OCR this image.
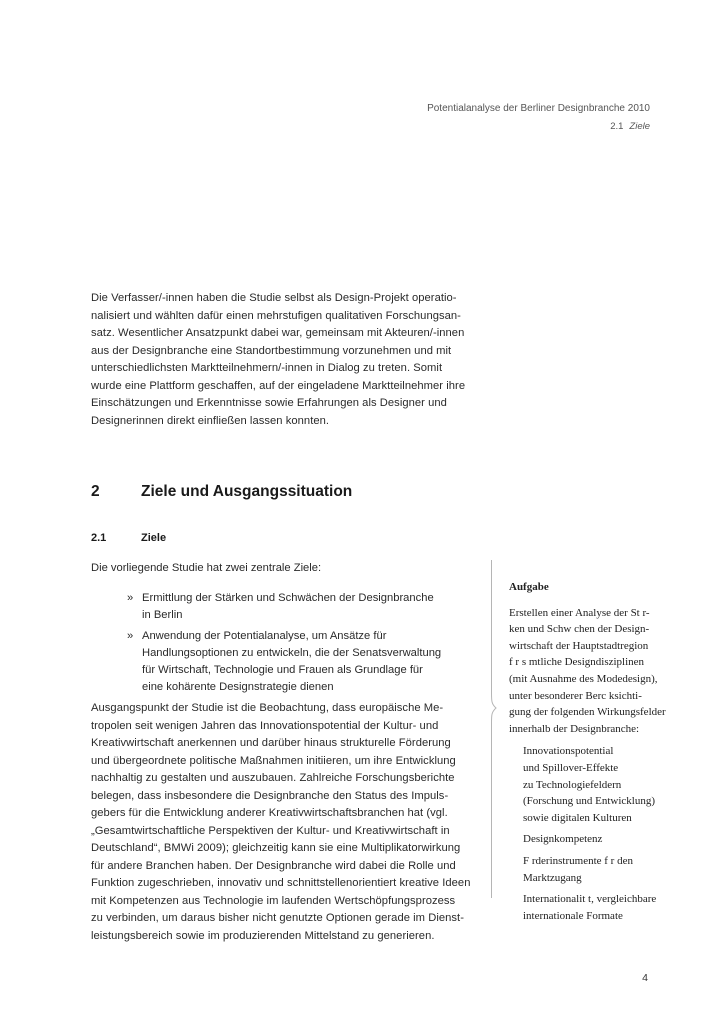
Potentialanalyse der Berliner Designbranche 2010
2.1 Ziele
Die Verfasser/-innen haben die Studie selbst als Design-Projekt operatio-
nalisiert und wählten dafür einen mehrstufigen qualitativen Forschungsan-
satz. Wesentlicher Ansatzpunkt dabei war, gemeinsam mit Akteuren/-innen
aus der Designbranche eine Standortbestimmung vorzunehmen und mit
unterschiedlichsten Marktteilnehmern/-innen in Dialog zu treten. Somit
wurde eine Plattform geschaffen, auf der eingeladene Marktteilnehmer ihre
Einschätzungen und Erkenntnisse sowie Erfahrungen als Designer und
Designerinnen direkt einfließen lassen konnten.
2	Ziele und Ausgangssituation
2.1	Ziele
Die vorliegende Studie hat zwei zentrale Ziele:
» Ermittlung der Stärken und Schwächen der Designbranche
in Berlin
» Anwendung der Potentialanalyse, um Ansätze für
Handlungsoptionen zu entwickeln, die der Senatsverwaltung
für Wirtschaft, Technologie und Frauen als Grundlage für
eine kohärente Designstrategie dienen
Ausgangspunkt der Studie ist die Beobachtung, dass europäische Me-
tropolen seit wenigen Jahren das Innovationspotential der Kultur- und
Kreativwirtschaft anerkennen und darüber hinaus strukturelle Förderung
und übergeordnete politische Maßnahmen initiieren, um ihre Entwicklung
nachhaltig zu gestalten und auszubauen. Zahlreiche Forschungsberichte
belegen, dass insbesondere die Designbranche den Status des Impuls-
gebers für die Entwicklung anderer Kreativwirtschaftsbranchen hat (vgl.
„Gesamtwirtschaftliche Perspektiven der Kultur- und Kreativwirtschaft in
Deutschland“, BMWi 2009); gleichzeitig kann sie eine Multiplikatorwirkung
für andere Branchen haben. Der Designbranche wird dabei die Rolle und
Funktion zugeschrieben, innovativ und schnittstellenorientiert kreative Ideen
mit Kompetenzen aus Technologie im laufenden Wertschöpfungsprozess
zu verbinden, um daraus bisher nicht genutzte Optionen gerade im Dienst-
leistungsbereich sowie im produzierenden Mittelstand zu generieren.
Aufgabe
Erstellen einer Analyse der St r-
ken und Schw chen der Design-
wirtschaft der Hauptstadtregion
f r s mtliche Designdisziplinen
(mit Ausnahme des Modedesign),
unter besonderer Berc ksichti-
gung der folgenden Wirkungsfelder
innerhalb der Designbranche:
Innovationspotential
und Spillover-Effekte
zu Technologiefeldern
(Forschung und Entwicklung)
sowie digitalen Kulturen
Designkompetenz
F rderinstrumente f r den
Marktzugang
Internationalit t, vergleichbare
internationale Formate
4
